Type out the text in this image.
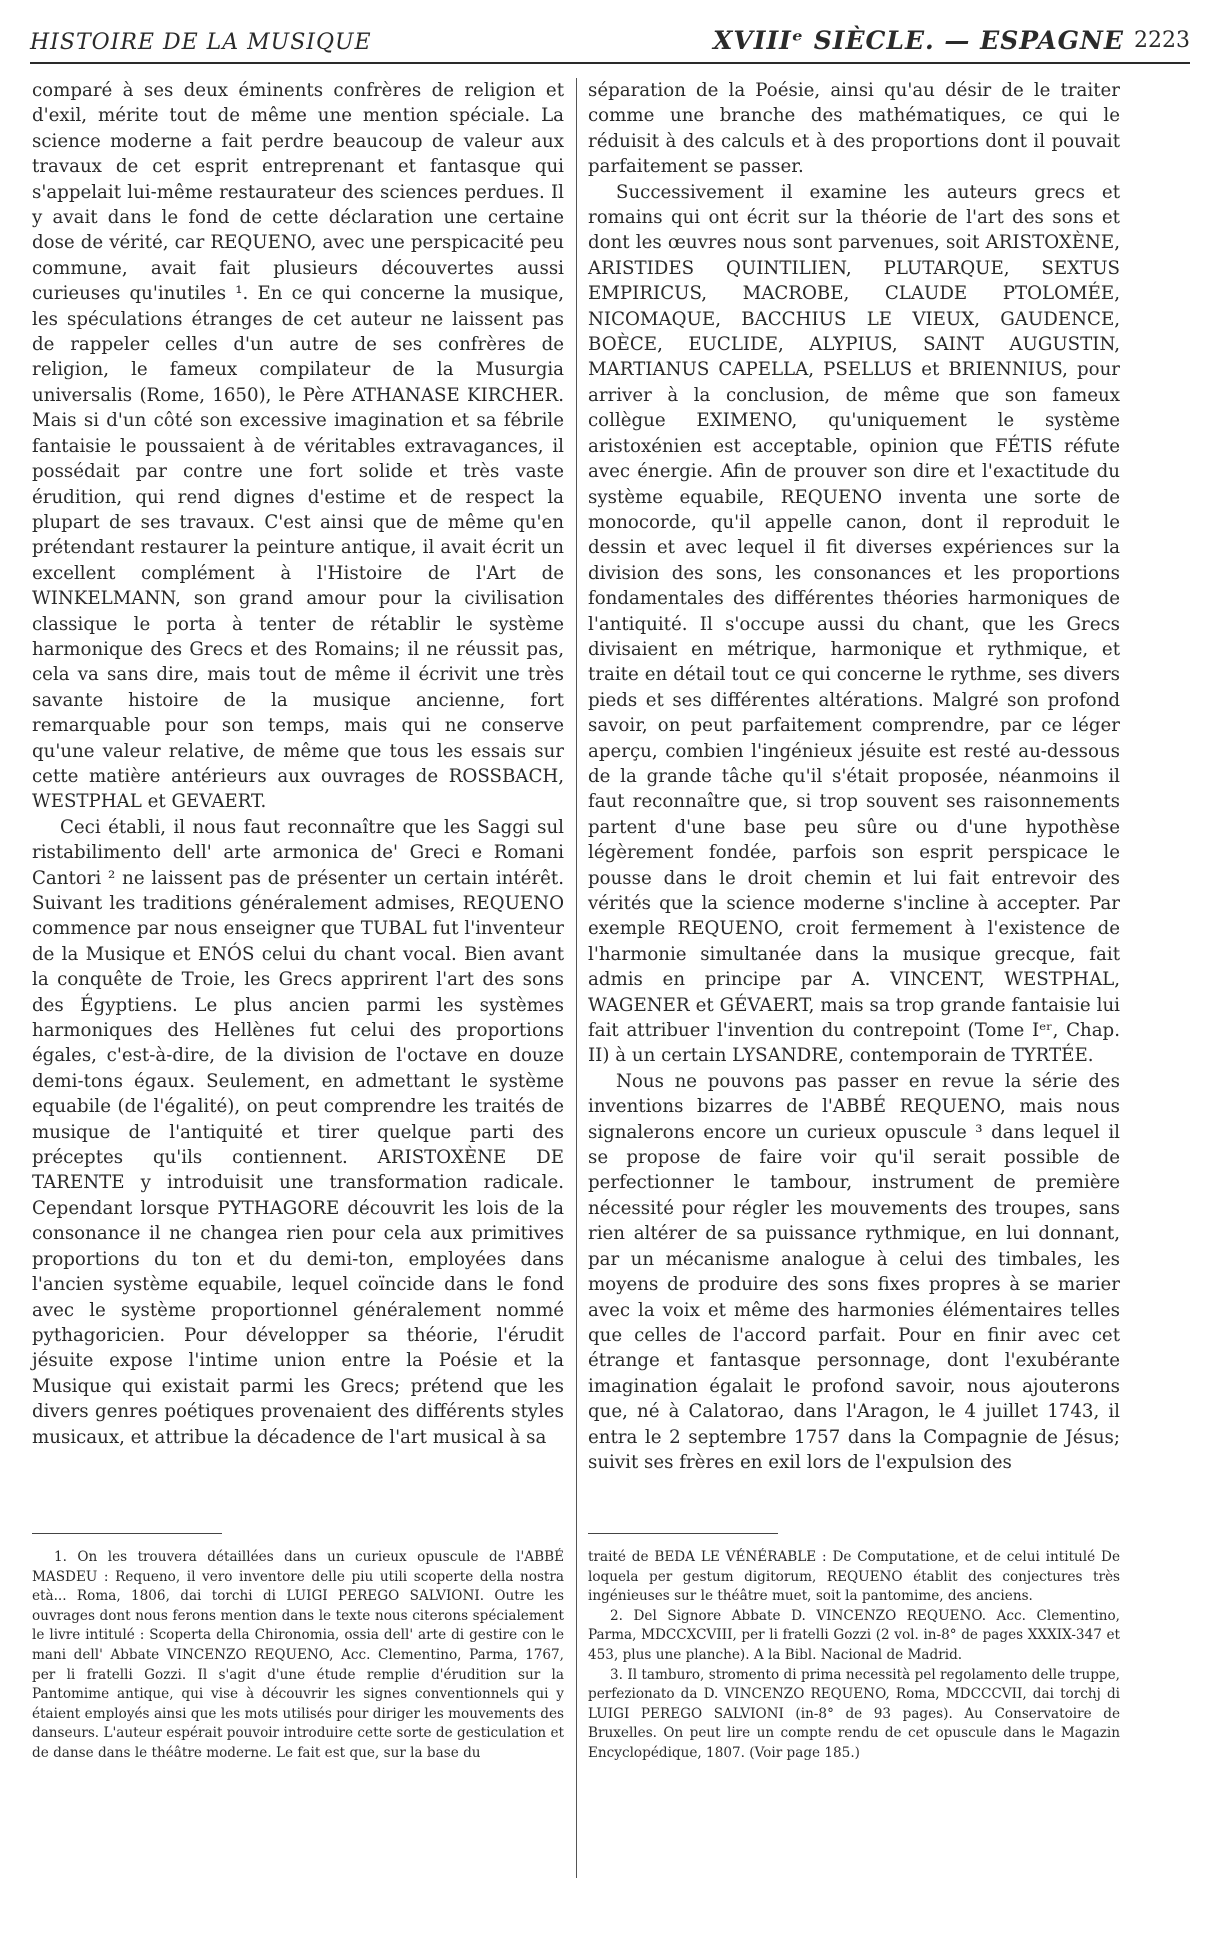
HISTOIRE DE LA MUSIQUE	XVIIIᵉ SIÈCLE. — ESPAGNE 2223

comparé à ses deux éminents confrères de religion et d'exil, mérite tout de même une mention spéciale. La science moderne a fait perdre beaucoup de valeur aux travaux de cet esprit entreprenant et fantasque qui s'appelait lui-même restaurateur des sciences perdues. Il y avait dans le fond de cette déclaration une certaine dose de vérité, car REQUENO, avec une perspicacité peu commune, avait fait plusieurs découvertes aussi curieuses qu'inutiles ¹. En ce qui concerne la musique, les spéculations étranges de cet auteur ne laissent pas de rappeler celles d'un autre de ses confrères de religion, le fameux compilateur de la Musurgia universalis (Rome, 1650), le Père ATHANASE KIRCHER. Mais si d'un côté son excessive imagination et sa fébrile fantaisie le poussaient à de véritables extravagances, il possédait par contre une fort solide et très vaste érudition, qui rend dignes d'estime et de respect la plupart de ses travaux. C'est ainsi que de même qu'en prétendant restaurer la peinture antique, il avait écrit un excellent complément à l'Histoire de l'Art de WINKELMANN, son grand amour pour la civilisation classique le porta à tenter de rétablir le système harmonique des Grecs et des Romains; il ne réussit pas, cela va sans dire, mais tout de même il écrivit une très savante histoire de la musique ancienne, fort remarquable pour son temps, mais qui ne conserve qu'une valeur relative, de même que tous les essais sur cette matière antérieurs aux ouvrages de ROSSBACH, WESTPHAL et GEVAERT.

Ceci établi, il nous faut reconnaître que les Saggi sul ristabilimento dell' arte armonica de' Greci e Romani Cantori ² ne laissent pas de présenter un certain intérêt. Suivant les traditions généralement admises, REQUENO commence par nous enseigner que TUBAL fut l'inventeur de la Musique et ENÓS celui du chant vocal. Bien avant la conquête de Troie, les Grecs apprirent l'art des sons des Égyptiens. Le plus ancien parmi les systèmes harmoniques des Hellènes fut celui des proportions égales, c'est-à-dire, de la division de l'octave en douze demi-tons égaux. Seulement, en admettant le système equabile (de l'égalité), on peut comprendre les traités de musique de l'antiquité et tirer quelque parti des préceptes qu'ils contiennent. ARISTOXÈNE DE TARENTE y introduisit une transformation radicale. Cependant lorsque PYTHAGORE découvrit les lois de la consonance il ne changea rien pour cela aux primitives proportions du ton et du demi-ton, employées dans l'ancien système equabile, lequel coïncide dans le fond avec le système proportionnel généralement nommé pythagoricien. Pour développer sa théorie, l'érudit jésuite expose l'intime union entre la Poésie et la Musique qui existait parmi les Grecs; prétend que les divers genres poétiques provenaient des différents styles musicaux, et attribue la décadence de l'art musical à sa

séparation de la Poésie, ainsi qu'au désir de le traiter comme une branche des mathématiques, ce qui le réduisit à des calculs et à des proportions dont il pouvait parfaitement se passer.

Successivement il examine les auteurs grecs et romains qui ont écrit sur la théorie de l'art des sons et dont les œuvres nous sont parvenues, soit ARISTOXÈNE, ARISTIDES QUINTILIEN, PLUTARQUE, SEXTUS EMPIRICUS, MACROBE, CLAUDE PTOLOMÉE, NICOMAQUE, BACCHIUS LE VIEUX, GAUDENCE, BOÈCE, EUCLIDE, ALYPIUS, SAINT AUGUSTIN, MARTIANUS CAPELLA, PSELLUS et BRIENNIUS, pour arriver à la conclusion, de même que son fameux collègue EXIMENO, qu'uniquement le système aristoxénien est acceptable, opinion que FÉTIS réfute avec énergie. Afin de prouver son dire et l'exactitude du système equabile, REQUENO inventa une sorte de monocorde, qu'il appelle canon, dont il reproduit le dessin et avec lequel il fit diverses expériences sur la division des sons, les consonances et les proportions fondamentales des différentes théories harmoniques de l'antiquité. Il s'occupe aussi du chant, que les Grecs divisaient en métrique, harmonique et rythmique, et traite en détail tout ce qui concerne le rythme, ses divers pieds et ses différentes altérations. Malgré son profond savoir, on peut parfaitement comprendre, par ce léger aperçu, combien l'ingénieux jésuite est resté au-dessous de la grande tâche qu'il s'était proposée, néanmoins il faut reconnaître que, si trop souvent ses raisonnements partent d'une base peu sûre ou d'une hypothèse légèrement fondée, parfois son esprit perspicace le pousse dans le droit chemin et lui fait entrevoir des vérités que la science moderne s'incline à accepter. Par exemple REQUENO, croit fermement à l'existence de l'harmonie simultanée dans la musique grecque, fait admis en principe par A. VINCENT, WESTPHAL, WAGENER et GÉVAERT, mais sa trop grande fantaisie lui fait attribuer l'invention du contrepoint (Tome Iᵉʳ, Chap. II) à un certain LYSANDRE, contemporain de TYRTÉE.

Nous ne pouvons pas passer en revue la série des inventions bizarres de l'ABBÉ REQUENO, mais nous signalerons encore un curieux opuscule ³ dans lequel il se propose de faire voir qu'il serait possible de perfectionner le tambour, instrument de première nécessité pour régler les mouvements des troupes, sans rien altérer de sa puissance rythmique, en lui donnant, par un mécanisme analogue à celui des timbales, les moyens de produire des sons fixes propres à se marier avec la voix et même des harmonies élémentaires telles que celles de l'accord parfait. Pour en finir avec cet étrange et fantasque personnage, dont l'exubérante imagination égalait le profond savoir, nous ajouterons que, né à Calatorao, dans l'Aragon, le 4 juillet 1743, il entra le 2 septembre 1757 dans la Compagnie de Jésus; suivit ses frères en exil lors de l'expulsion des

1. On les trouvera détaillées dans un curieux opuscule de l'ABBÉ MASDEU : Requeno, il vero inventore delle piu utili scoperte della nostra età... Roma, 1806, dai torchi di LUIGI PEREGO SALVIONI. Outre les ouvrages dont nous ferons mention dans le texte nous citerons spécialement le livre intitulé : Scoperta della Chironomia, ossia dell' arte di gestire con le mani dell' Abbate VINCENZO REQUENO, Acc. Clementino, Parma, 1767, per li fratelli Gozzi. Il s'agit d'une étude remplie d'érudition sur la Pantomime antique, qui vise à découvrir les signes conventionnels qui y étaient employés ainsi que les mots utilisés pour diriger les mouvements des danseurs. L'auteur espérait pouvoir introduire cette sorte de gesticulation et de danse dans le théâtre moderne. Le fait est que, sur la base du

traité de BEDA LE VÉNÉRABLE : De Computatione, et de celui intitulé De loquela per gestum digitorum, REQUENO établit des conjectures très ingénieuses sur le théâtre muet, soit la pantomime, des anciens.

2. Del Signore Abbate D. VINCENZO REQUENO. Acc. Clementino, Parma, MDCCXCVIII, per li fratelli Gozzi (2 vol. in-8° de pages XXXIX-347 et 453, plus une planche). A la Bibl. Nacional de Madrid.

3. Il tamburo, stromento di prima necessità pel regolamento delle truppe, perfezionato da D. VINCENZO REQUENO, Roma, MDCCCVII, dai torchj di LUIGI PEREGO SALVIONI (in-8° de 93 pages). Au Conservatoire de Bruxelles. On peut lire un compte rendu de cet opuscule dans le Magazin Encyclopédique, 1807. (Voir page 185.)
